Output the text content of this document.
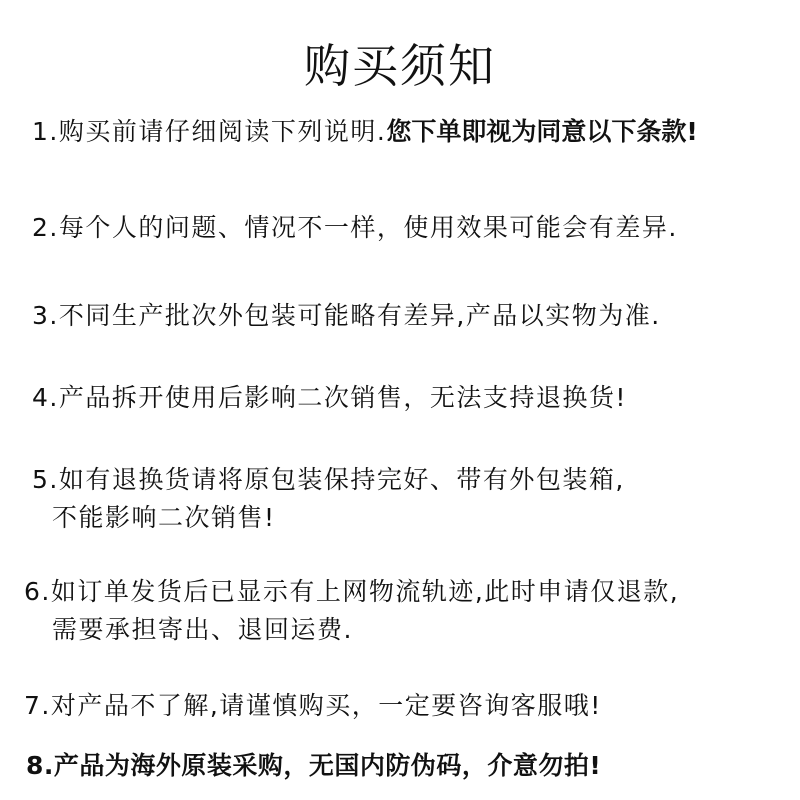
购买须知
1.购买前请仔细阅读下列说明.您下单即视为同意以下条款!
2.每个人的问题、情况不一样，使用效果可能会有差异.
3.不同生产批次外包装可能略有差异,产品以实物为准.
4.产品拆开使用后影响二次销售，无法支持退换货!
5.如有退换货请将原包装保持完好、带有外包装箱,
不能影响二次销售!
6.如订单发货后已显示有上网物流轨迹,此时申请仅退款,
需要承担寄出、退回运费.
7.对产品不了解,请谨慎购买，一定要咨询客服哦!
8.产品为海外原装采购，无国内防伪码，介意勿拍!
